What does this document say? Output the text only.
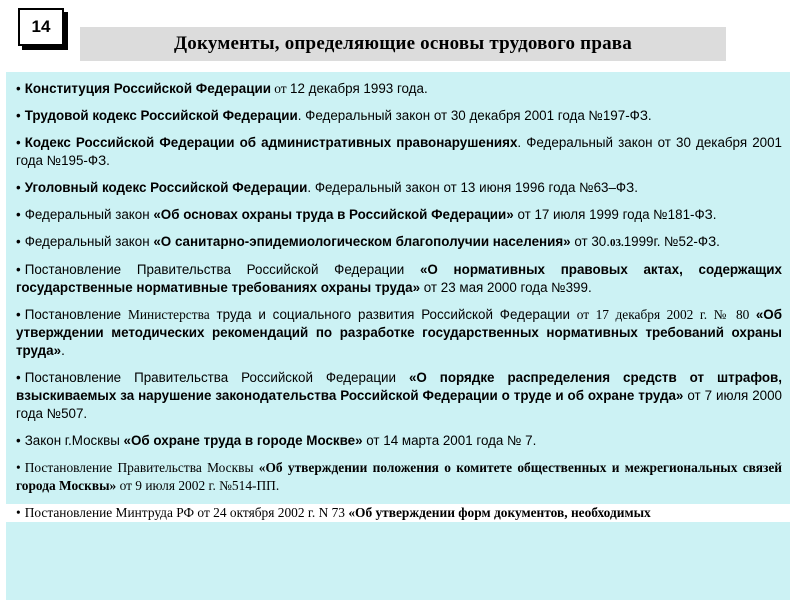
14
Документы, определяющие основы трудового права

• Конституция Российской Федерации от 12 декабря 1993 года.

• Трудовой кодекс Российской Федерации. Федеральный закон от 30 декабря 2001 года №197-ФЗ.

• Кодекс Российской Федерации об административных правонарушениях. Федеральный закон от 30 декабря 2001 года №195-ФЗ.

• Уголовный кодекс Российской Федерации. Федеральный закон от 13 июня 1996 года №63–ФЗ.

• Федеральный закон «Об основах охраны труда в Российской Федерации» от 17 июля 1999 года №181-ФЗ.

• Федеральный закон «О санитарно-эпидемиологическом благополучии населения» от 30.03.1999г. №52-ФЗ.

• Постановление Правительства Российской Федерации «О нормативных правовых актах, содержащих государственные нормативные требованиях охраны труда» от 23 мая 2000 года №399.

• Постановление Министерства труда и социального развития Российской Федерации от 17 декабря 2002 г. № 80 «Об утверждении методических рекомендаций по разработке государственных нормативных требований охраны труда».

• Постановление Правительства Российской Федерации «О порядке распределения средств от штрафов, взыскиваемых за нарушение законодательства Российской Федерации о труде и об охране труда» от 7 июля 2000 года №507.

• Закон г.Москвы «Об охране труда в городе Москве» от 14 марта 2001 года № 7.

• Постановление Правительства Москвы «Об утверждении положения о комитете общественных и межрегиональных связей города Москвы» от 9 июля 2002 г. №514-ПП.

• Постановление Минтруда РФ от 24 октября 2002 г. N 73 «Об утверждении форм документов, необходимых
